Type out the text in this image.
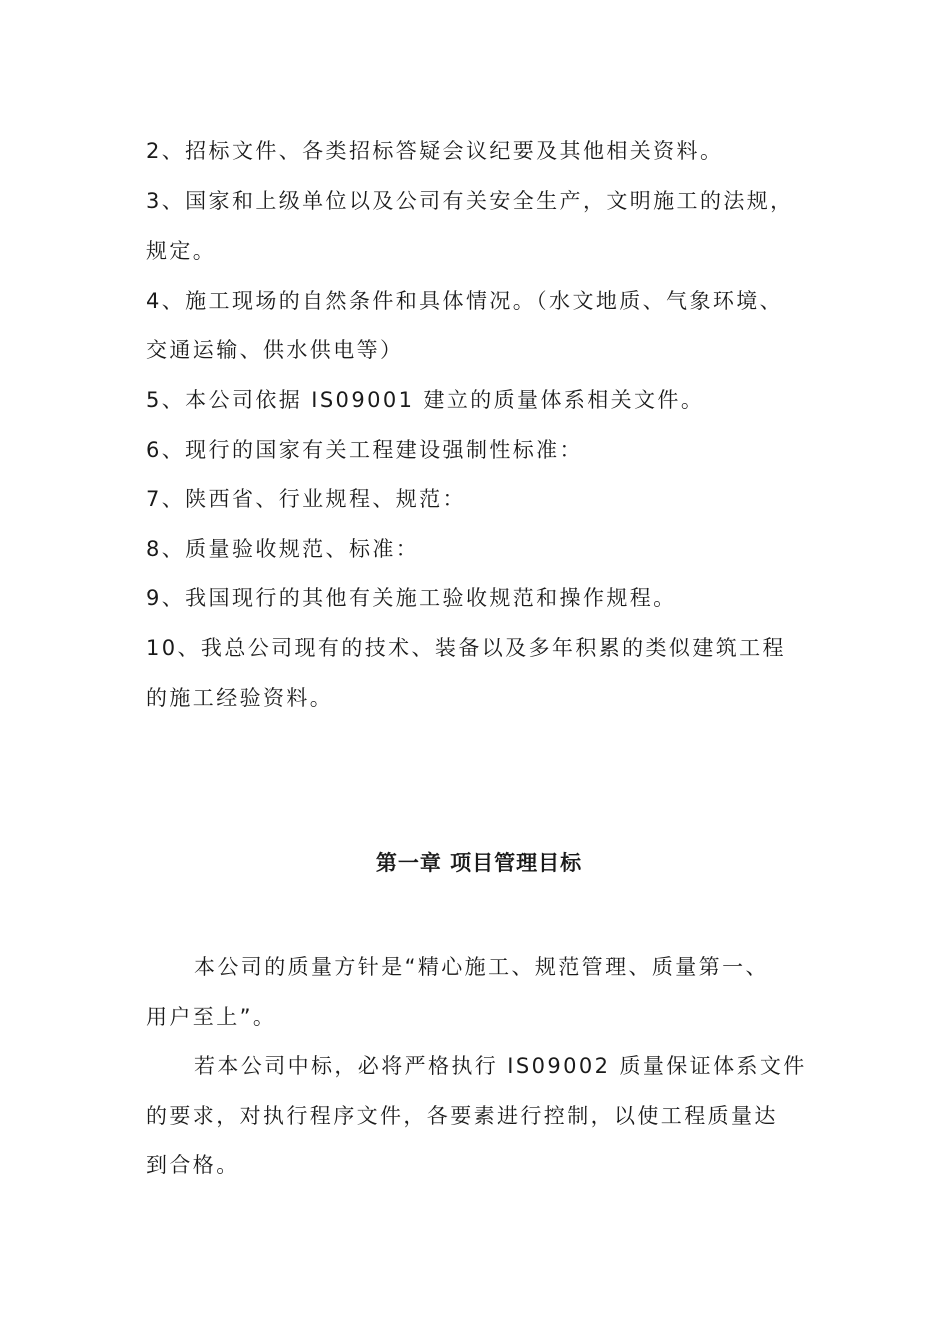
2、招标文件、各类招标答疑会议纪要及其他相关资料。
3、国家和上级单位以及公司有关安全生产，文明施工的法规，
规定。
4、施工现场的自然条件和具体情况。（水文地质、气象环境、
交通运输、供水供电等）
5、本公司依据 IS09001 建立的质量体系相关文件。
6、现行的国家有关工程建设强制性标准：
7、陕西省、行业规程、规范：
8、质量验收规范、标准：
9、我国现行的其他有关施工验收规范和操作规程。
10、我总公司现有的技术、装备以及多年积累的类似建筑工程
的施工经验资料。
第一章 项目管理目标
本公司的质量方针是“精心施工、规范管理、质量第一、
用户至上”。
若本公司中标，必将严格执行 IS09002 质量保证体系文件
的要求，对执行程序文件，各要素进行控制，以使工程质量达
到合格。
